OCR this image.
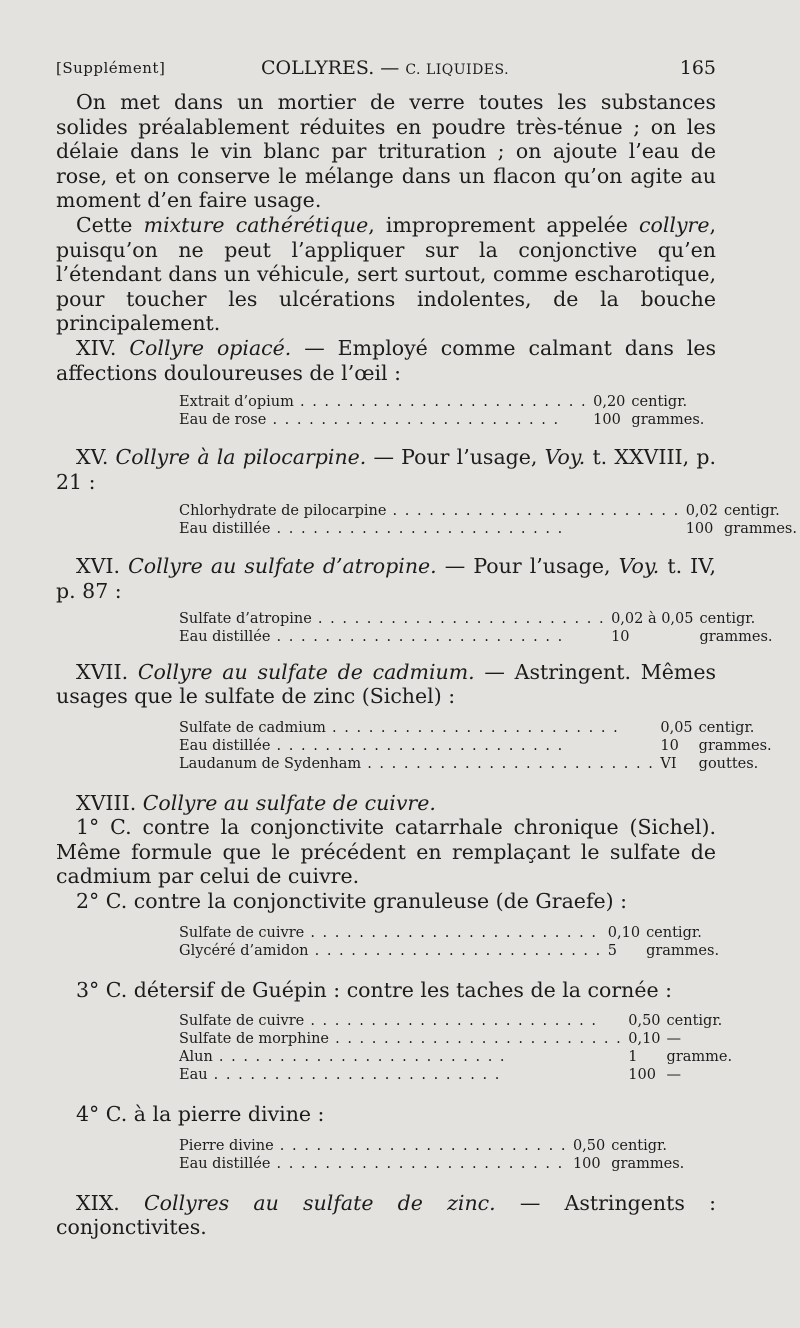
[Supplément]	COLLYRES. — C. LIQUIDES.	165

On met dans un mortier de verre toutes les substances solides préalablement réduites en poudre très-ténue ; on les délaie dans le vin blanc par trituration ; on ajoute l’eau de rose, et on conserve le mélange dans un flacon qu’on agite au moment d’en faire usage.

Cette mixture cathérétique, improprement appelée collyre, puisqu’on ne peut l’appliquer sur la conjonctive qu’en l’étendant dans un véhicule, sert surtout, comme escharotique, pour toucher les ulcérations indolentes, de la bouche principalement.

XIV. Collyre opiacé. — Employé comme calmant dans les affections douloureuses de l’œil :

Extrait d’opium . . . . . . . . . . . . . . . . . . . . . . . .	0,20	centigr.
Eau de rose . . . . . . . . . . . . . . . . . . . . . . . .	100	grammes.

XV. Collyre à la pilocarpine. — Pour l’usage, Voy. t. XXVIII, p. 21 :

Chlorhydrate de pilocarpine . . . . . . . . . . . . . . . . . . . . . . . .	0,02	centigr.
Eau distillée . . . . . . . . . . . . . . . . . . . . . . . .	100	grammes.

XVI. Collyre au sulfate d’atropine. — Pour l’usage, Voy. t. IV, p. 87 :

Sulfate d’atropine . . . . . . . . . . . . . . . . . . . . . . . .	0,02 à 0,05	centigr.
Eau distillée . . . . . . . . . . . . . . . . . . . . . . . .	10	grammes.

XVII. Collyre au sulfate de cadmium. — Astringent. Mêmes usages que le sulfate de zinc (Sichel) :

Sulfate de cadmium . . . . . . . . . . . . . . . . . . . . . . . .	0,05	centigr.
Eau distillée . . . . . . . . . . . . . . . . . . . . . . . .	10	grammes.
Laudanum de Sydenham . . . . . . . . . . . . . . . . . . . . . . . .	VI	gouttes.

XVIII. Collyre au sulfate de cuivre.

1° C. contre la conjonctivite catarrhale chronique (Sichel). Même formule que le précédent en remplaçant le sulfate de cadmium par celui de cuivre.

2° C. contre la conjonctivite granuleuse (de Graefe) :

Sulfate de cuivre . . . . . . . . . . . . . . . . . . . . . . . .	0,10	centigr.
Glycéré d’amidon . . . . . . . . . . . . . . . . . . . . . . . .	5	grammes.

3° C. détersif de Guépin : contre les taches de la cornée :

Sulfate de cuivre . . . . . . . . . . . . . . . . . . . . . . . .	0,50	centigr.
Sulfate de morphine . . . . . . . . . . . . . . . . . . . . . . . .	0,10	—
Alun . . . . . . . . . . . . . . . . . . . . . . . .	1	gramme.
Eau . . . . . . . . . . . . . . . . . . . . . . . .	100	—

4° C. à la pierre divine :

Pierre divine . . . . . . . . . . . . . . . . . . . . . . . .	0,50	centigr.
Eau distillée . . . . . . . . . . . . . . . . . . . . . . . .	100	grammes.

XIX. Collyres au sulfate de zinc. — Astringents : conjonctivites.
